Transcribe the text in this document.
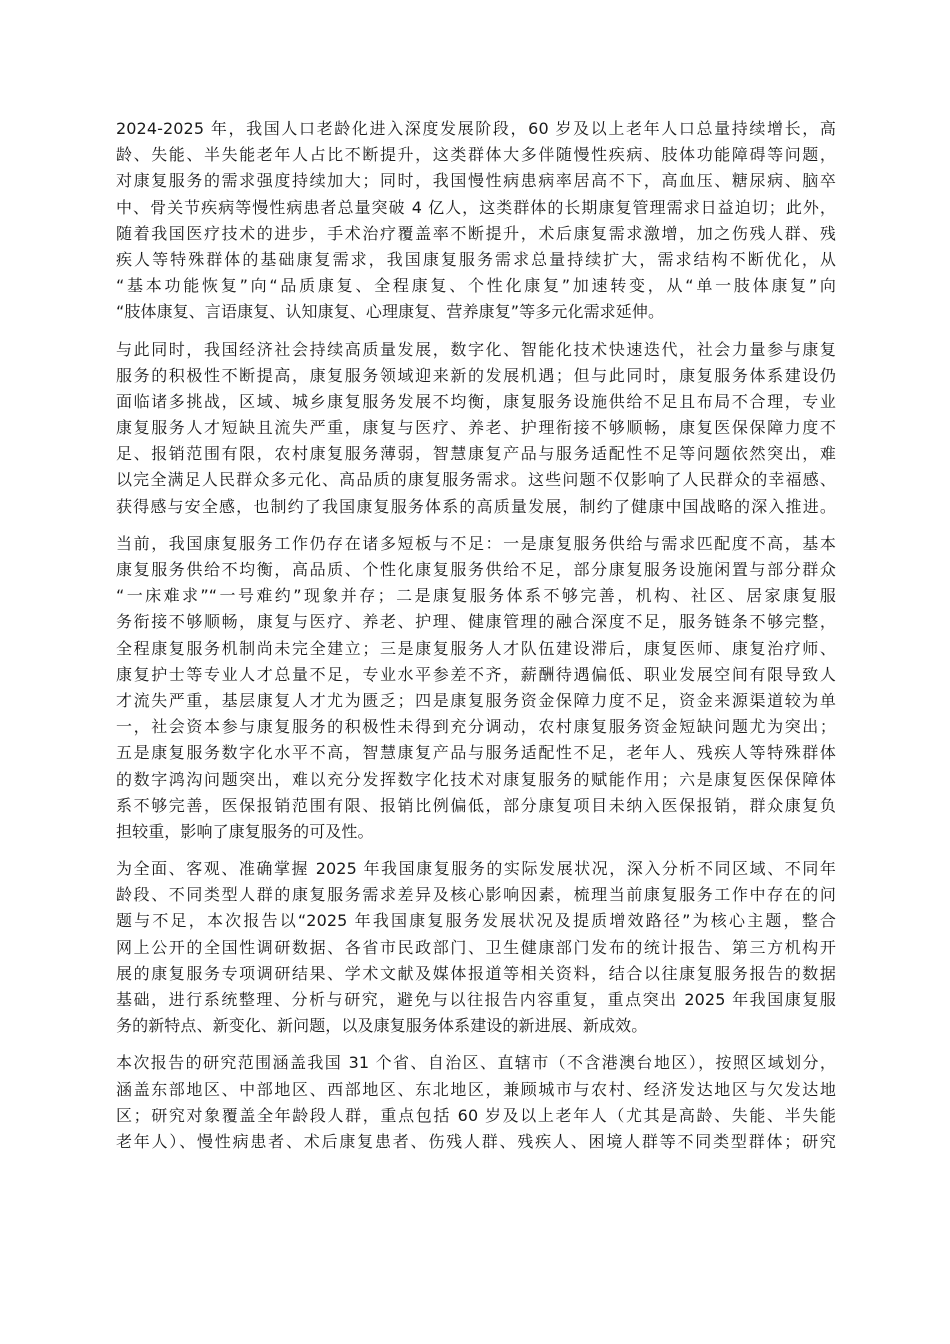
2024-2025 年，我国人口老龄化进入深度发展阶段，60 岁及以上老年人口总量持续增长，高
龄、失能、半失能老年人占比不断提升，这类群体大多伴随慢性疾病、肢体功能障碍等问题，
对康复服务的需求强度持续加大；同时，我国慢性病患病率居高不下，高血压、糖尿病、脑卒
中、骨关节疾病等慢性病患者总量突破 4 亿人，这类群体的长期康复管理需求日益迫切；此外，
随着我国医疗技术的进步，手术治疗覆盖率不断提升，术后康复需求激增，加之伤残人群、残
疾人等特殊群体的基础康复需求，我国康复服务需求总量持续扩大，需求结构不断优化，从
“基本功能恢复”向“品质康复、全程康复、个性化康复”加速转变，从“单一肢体康复”向
“肢体康复、言语康复、认知康复、心理康复、营养康复”等多元化需求延伸。
与此同时，我国经济社会持续高质量发展，数字化、智能化技术快速迭代，社会力量参与康复
服务的积极性不断提高，康复服务领域迎来新的发展机遇；但与此同时，康复服务体系建设仍
面临诸多挑战，区域、城乡康复服务发展不均衡，康复服务设施供给不足且布局不合理，专业
康复服务人才短缺且流失严重，康复与医疗、养老、护理衔接不够顺畅，康复医保保障力度不
足、报销范围有限，农村康复服务薄弱，智慧康复产品与服务适配性不足等问题依然突出，难
以完全满足人民群众多元化、高品质的康复服务需求。这些问题不仅影响了人民群众的幸福感、
获得感与安全感，也制约了我国康复服务体系的高质量发展，制约了健康中国战略的深入推进。
当前，我国康复服务工作仍存在诸多短板与不足：一是康复服务供给与需求匹配度不高，基本
康复服务供给不均衡，高品质、个性化康复服务供给不足，部分康复服务设施闲置与部分群众
“一床难求”“一号难约”现象并存；二是康复服务体系不够完善，机构、社区、居家康复服
务衔接不够顺畅，康复与医疗、养老、护理、健康管理的融合深度不足，服务链条不够完整，
全程康复服务机制尚未完全建立；三是康复服务人才队伍建设滞后，康复医师、康复治疗师、
康复护士等专业人才总量不足，专业水平参差不齐，薪酬待遇偏低、职业发展空间有限导致人
才流失严重，基层康复人才尤为匮乏；四是康复服务资金保障力度不足，资金来源渠道较为单
一，社会资本参与康复服务的积极性未得到充分调动，农村康复服务资金短缺问题尤为突出；
五是康复服务数字化水平不高，智慧康复产品与服务适配性不足，老年人、残疾人等特殊群体
的数字鸿沟问题突出，难以充分发挥数字化技术对康复服务的赋能作用；六是康复医保保障体
系不够完善，医保报销范围有限、报销比例偏低，部分康复项目未纳入医保报销，群众康复负
担较重，影响了康复服务的可及性。
为全面、客观、准确掌握 2025 年我国康复服务的实际发展状况，深入分析不同区域、不同年
龄段、不同类型人群的康复服务需求差异及核心影响因素，梳理当前康复服务工作中存在的问
题与不足，本次报告以“2025 年我国康复服务发展状况及提质增效路径”为核心主题，整合
网上公开的全国性调研数据、各省市民政部门、卫生健康部门发布的统计报告、第三方机构开
展的康复服务专项调研结果、学术文献及媒体报道等相关资料，结合以往康复服务报告的数据
基础，进行系统整理、分析与研究，避免与以往报告内容重复，重点突出 2025 年我国康复服
务的新特点、新变化、新问题，以及康复服务体系建设的新进展、新成效。
本次报告的研究范围涵盖我国 31 个省、自治区、直辖市（不含港澳台地区），按照区域划分，
涵盖东部地区、中部地区、西部地区、东北地区，兼顾城市与农村、经济发达地区与欠发达地
区；研究对象覆盖全年龄段人群，重点包括 60 岁及以上老年人（尤其是高龄、失能、半失能
老年人）、慢性病患者、术后康复患者、伤残人群、残疾人、困境人群等不同类型群体；研究
